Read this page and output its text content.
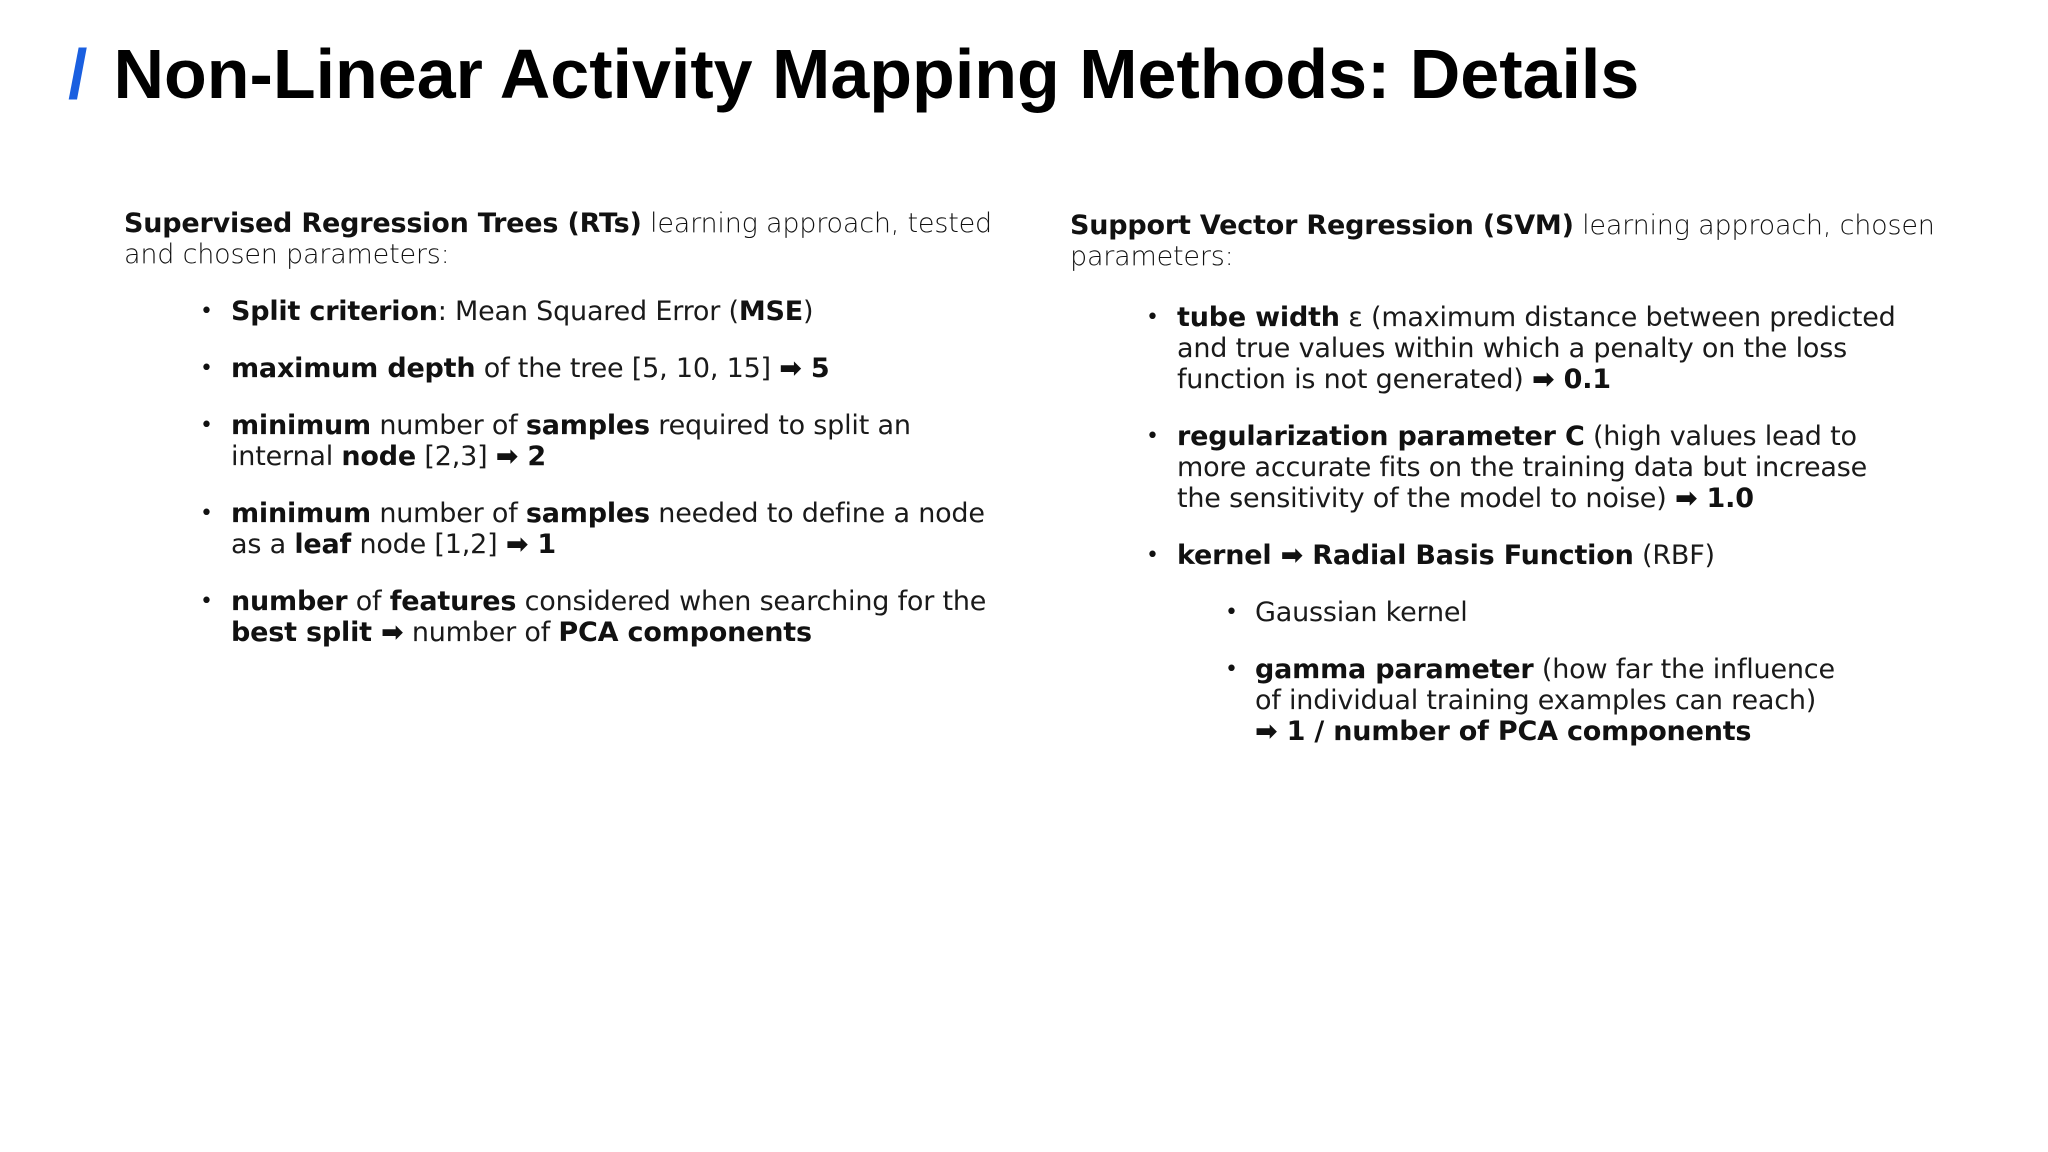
/ Non-Linear Activity Mapping Methods: Details

Supervised Regression Trees (RTs) learning approach, tested and chosen parameters:

• Split criterion: Mean Squared Error (MSE)
• maximum depth of the tree [5, 10, 15] ➡ 5
• minimum number of samples required to split an internal node [2,3] ➡ 2
• minimum number of samples needed to define a node as a leaf node [1,2] ➡ 1
• number of features considered when searching for the best split ➡ number of PCA components

Support Vector Regression (SVM) learning approach, chosen parameters:

• tube width ε (maximum distance between predicted and true values within which a penalty on the loss function is not generated) ➡ 0.1
• regularization parameter C (high values lead to more accurate fits on the training data but increase the sensitivity of the model to noise) ➡ 1.0
• kernel ➡ Radial Basis Function (RBF)
• Gaussian kernel
• gamma parameter (how far the influence of individual training examples can reach) ➡ 1 / number of PCA components
